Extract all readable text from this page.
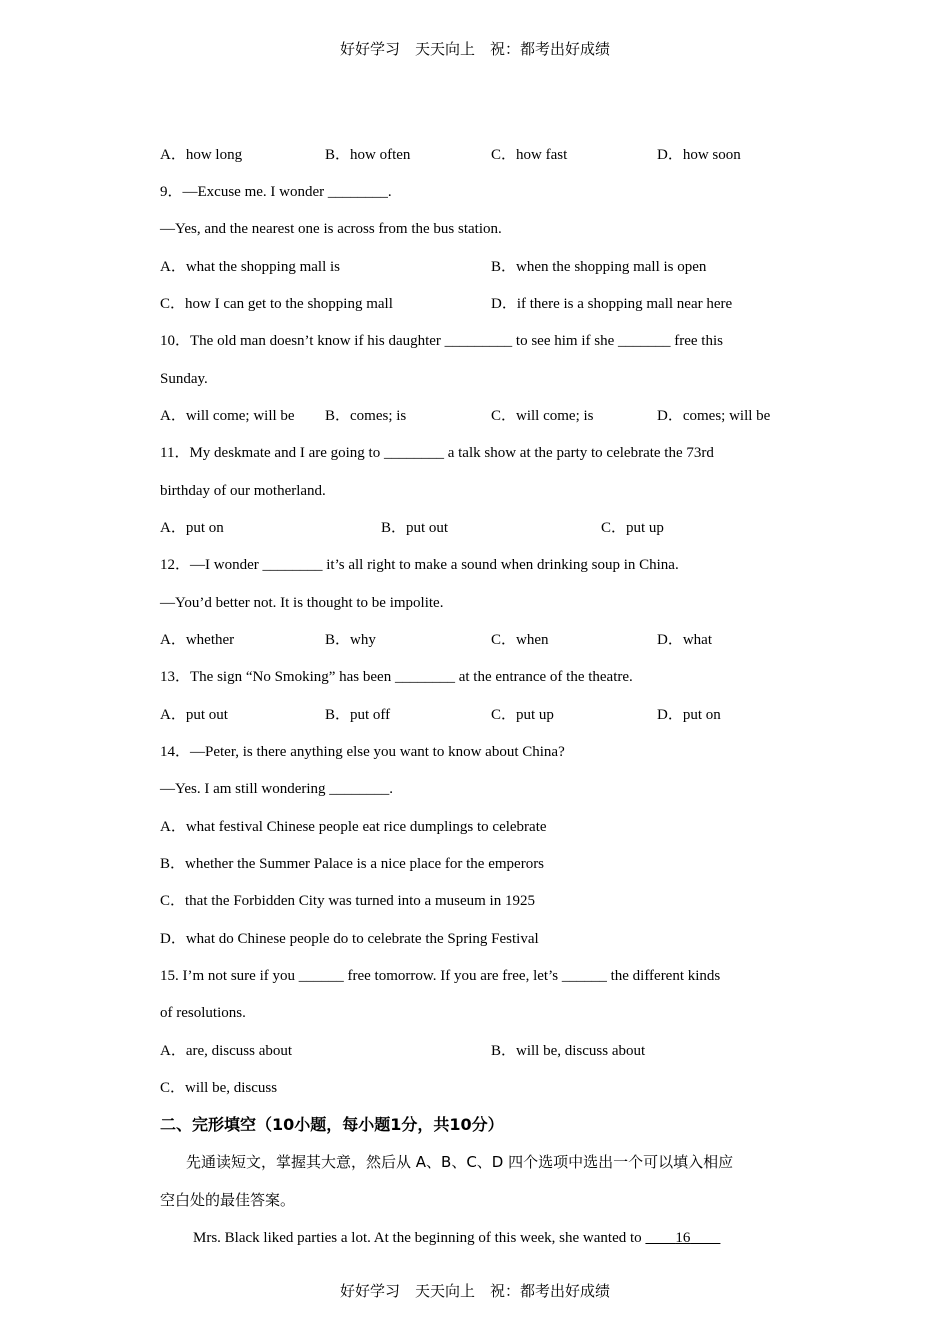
好好学习　天天向上　祝：都考出好成绩
A．how long	B．how often	C．how fast	D．how soon
9．—Excuse me. I wonder ________.
—Yes, and the nearest one is across from the bus station.
A．what the shopping mall is	B．when the shopping mall is open
C．how I can get to the shopping mall	D．if there is a shopping mall near here
10．The old man doesn’t know if his daughter _________ to see him if she _______ free this
Sunday.
A．will come; will be B．comes; is	C．will come; is	D．comes; will be
11．My deskmate and I are going to ________ a talk show at the party to celebrate the 73rd
birthday of our motherland.
A．put on	B．put out	C．put up
12．—I wonder ________ it’s all right to make a sound when drinking soup in China.
—You’d better not. It is thought to be impolite.
A．whether	B．why	C．when	D．what
13．The sign “No Smoking” has been ________ at the entrance of the theatre.
A．put out	B．put off	C．put up	D．put on
14．—Peter, is there anything else you want to know about China?
—Yes. I am still wondering ________.
A．what festival Chinese people eat rice dumplings to celebrate
B．whether the Summer Palace is a nice place for the emperors
C．that the Forbidden City was turned into a museum in 1925
D．what do Chinese people do to celebrate the Spring Festival
15. I’m not sure if you ______ free tomorrow. If you are free, let’s ______ the different kinds
of resolutions.
A．are, discuss about	B．will be, discuss about
C．will be, discuss
二、完形填空（10小题，每小题1分，共10分）
先通读短文，掌握其大意，然后从 A、B、C、D 四个选项中选出一个可以填入相应
空白处的最佳答案。
Mrs. Black liked parties a lot. At the beginning of this week, she wanted to     16    
好好学习　天天向上　祝：都考出好成绩
